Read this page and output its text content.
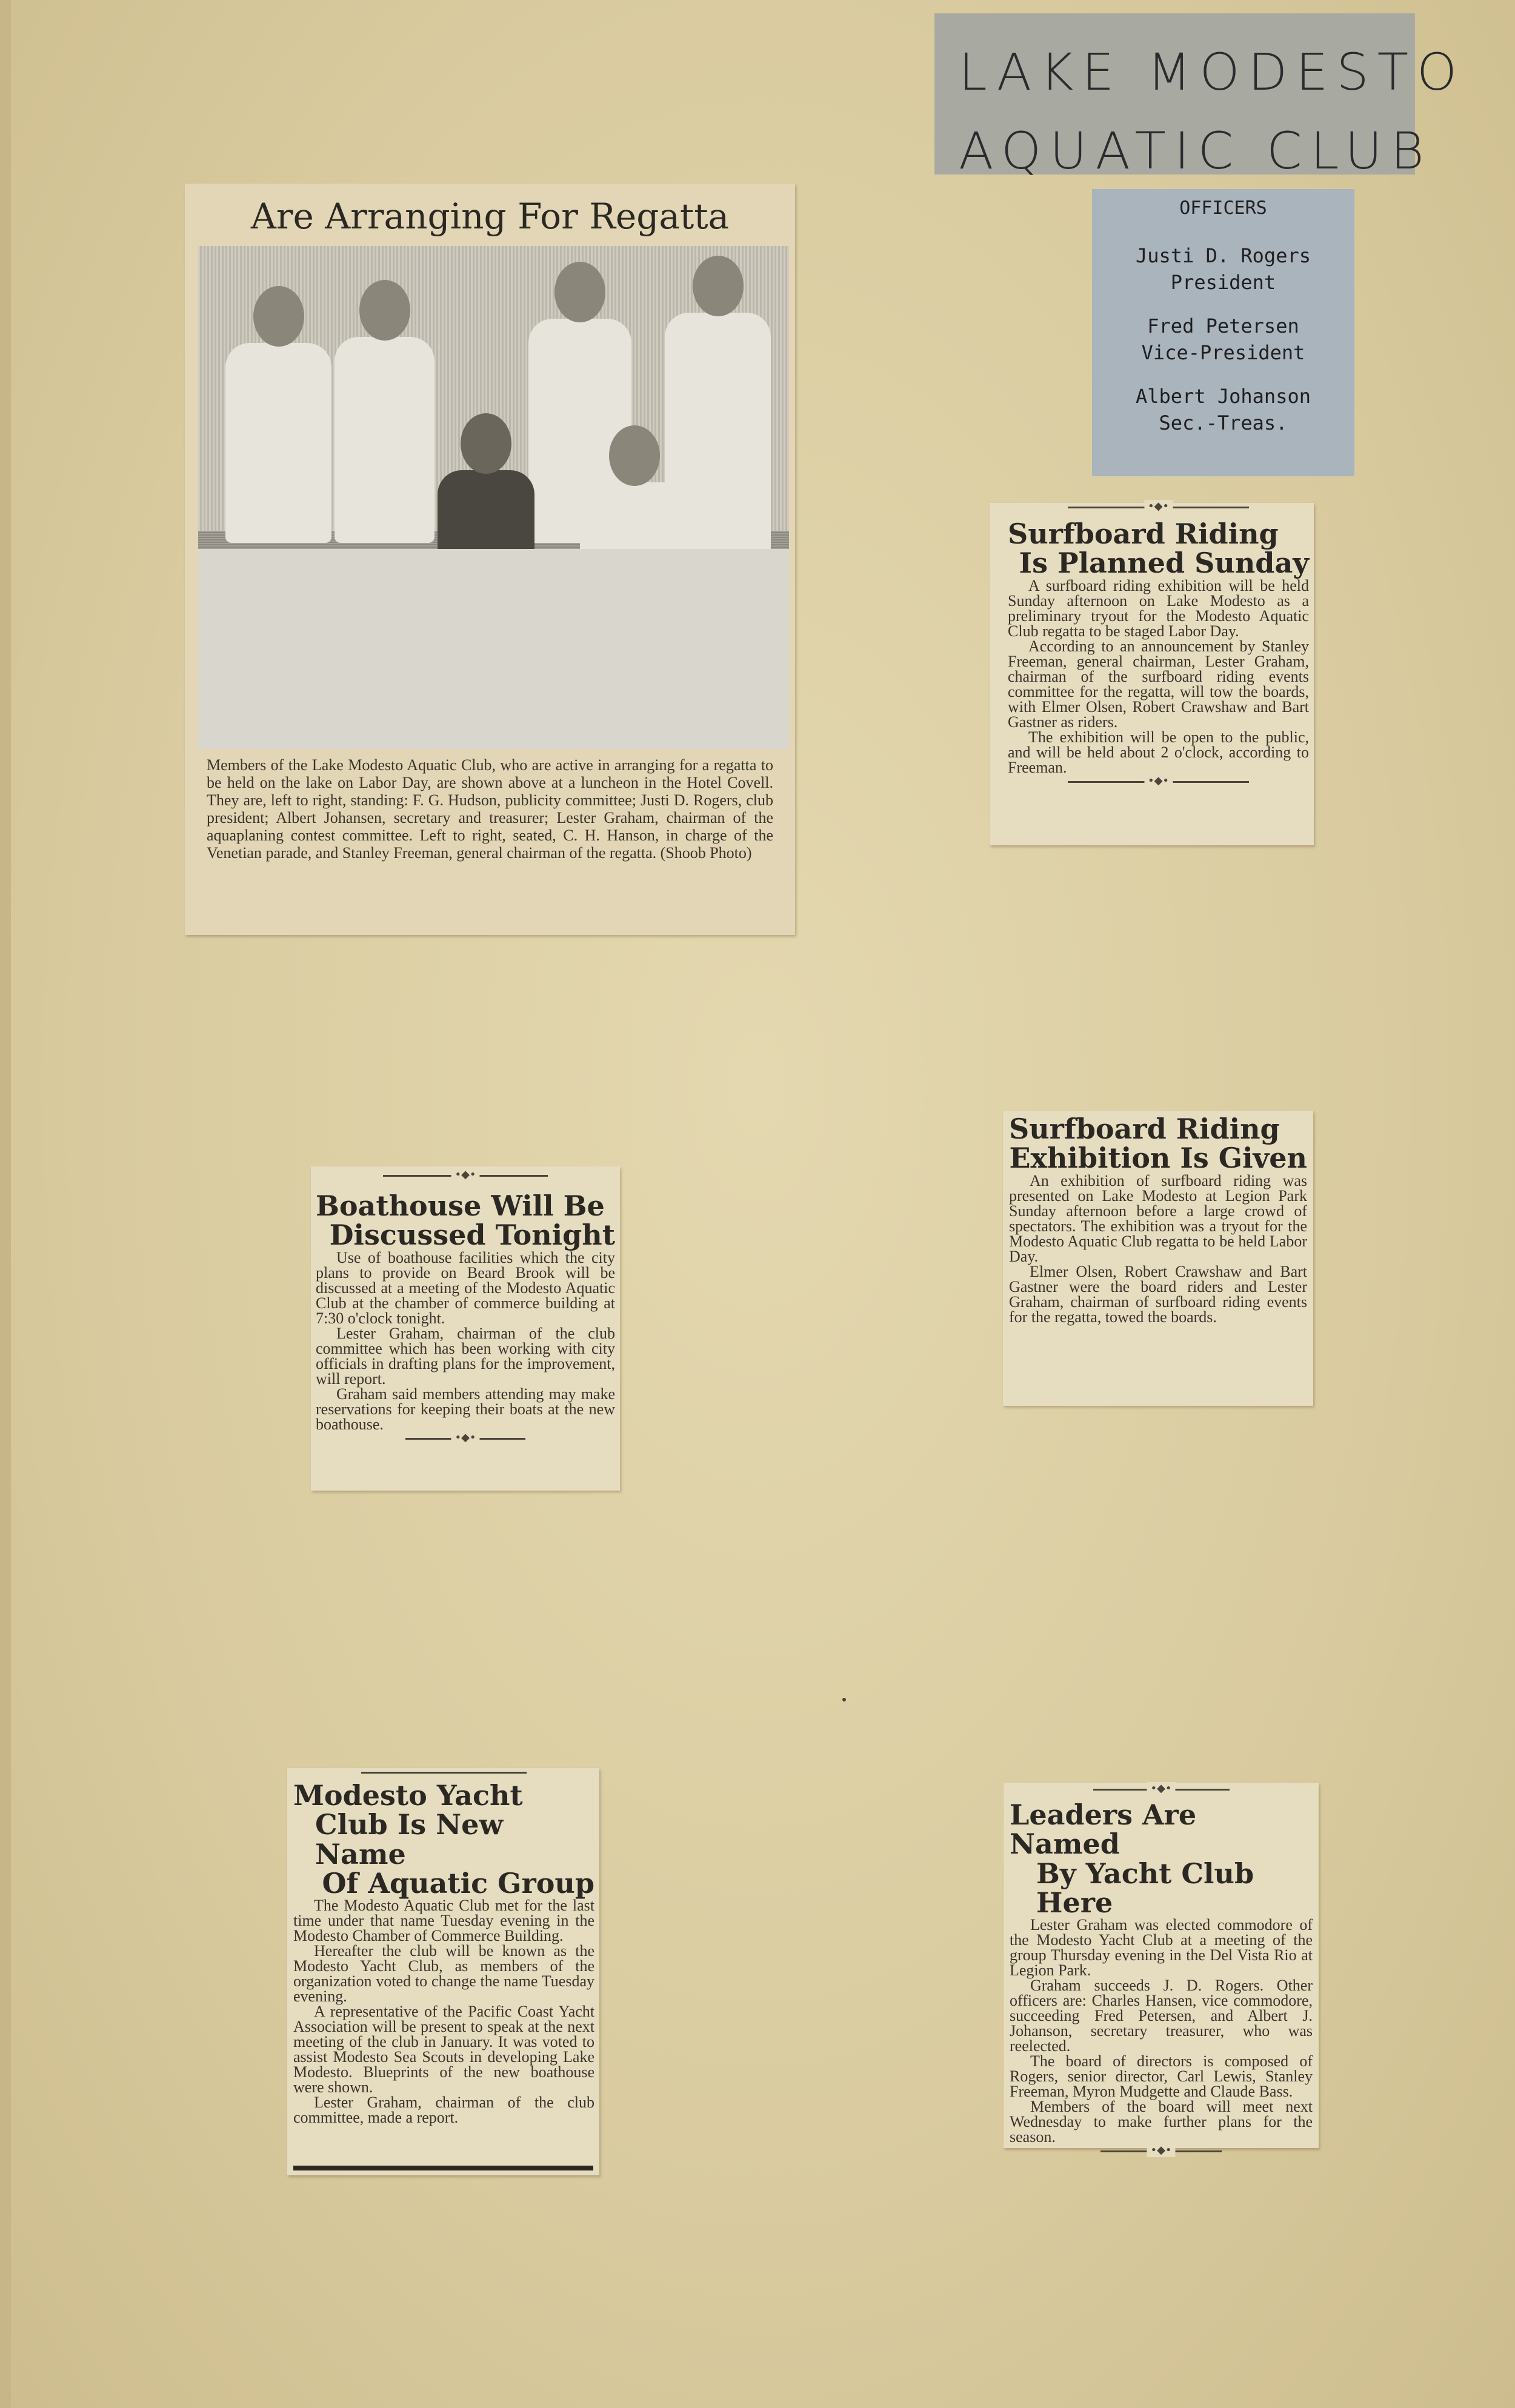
LAKE MODESTO
AQUATIC CLUB
OFFICERS
Justi D. Rogers
President
Fred Petersen
Vice-President
Albert Johanson
Sec.-Treas.
Are Arranging For Regatta
Members of the Lake Modesto Aquatic Club, who are active in arranging for a regatta to be held on the lake on Labor Day, are shown above at a luncheon in the Hotel Covell. They are, left to right, standing: F. G. Hudson, publicity committee; Justi D. Rogers, club president; Albert Johansen, secretary and treasurer; Lester Graham, chairman of the aquaplaning contest committee. Left to right, seated, C. H. Hanson, in charge of the Venetian parade, and Stanley Freeman, general chairman of the regatta. (Shoob Photo)
•◆•
Surfboard Riding
Is Planned Sunday

A surfboard riding exhibition will be held Sunday afternoon on Lake Modesto as a preliminary tryout for the Modesto Aquatic Club regatta to be staged Labor Day.

According to an announcement by Stanley Freeman, general chairman, Lester Graham, chairman of the surfboard riding events committee for the regatta, will tow the boards, with Elmer Olsen, Robert Crawshaw and Bart Gastner as riders.

The exhibition will be open to the public, and will be held about 2 o'clock, according to Freeman.

•◆•
•◆•
Boathouse Will Be
Discussed Tonight

Use of boathouse facilities which the city plans to provide on Beard Brook will be discussed at a meeting of the Modesto Aquatic Club at the chamber of commerce building at 7:30 o'clock tonight.

Lester Graham, chairman of the club committee which has been working with city officials in drafting plans for the improvement, will report.

Graham said members attending may make reservations for keeping their boats at the new boathouse.

•◆•
Surfboard Riding
Exhibition Is Given

An exhibition of surfboard riding was presented on Lake Modesto at Legion Park Sunday afternoon before a large crowd of spectators. The exhibition was a tryout for the Modesto Aquatic Club regatta to be held Labor Day.

Elmer Olsen, Robert Crawshaw and Bart Gastner were the board riders and Lester Graham, chairman of surfboard riding events for the regatta, towed the boards.

Modesto Yacht
Club Is New Name
Of Aquatic Group

The Modesto Aquatic Club met for the last time under that name Tuesday evening in the Modesto Chamber of Commerce Building.

Hereafter the club will be known as the Modesto Yacht Club, as members of the organization voted to change the name Tuesday evening.

A representative of the Pacific Coast Yacht Association will be present to speak at the next meeting of the club in January. It was voted to assist Modesto Sea Scouts in developing Lake Modesto. Blueprints of the new boathouse were shown.

Lester Graham, chairman of the club committee, made a report.

•◆•
Leaders Are Named
By Yacht Club Here

Lester Graham was elected commodore of the Modesto Yacht Club at a meeting of the group Thursday evening in the Del Vista Rio at Legion Park.

Graham succeeds J. D. Rogers. Other officers are: Charles Hansen, vice commodore, succeeding Fred Petersen, and Albert J. Johanson, secretary treasurer, who was reelected.

The board of directors is composed of Rogers, senior director, Carl Lewis, Stanley Freeman, Myron Mudgette and Claude Bass.

Members of the board will meet next Wednesday to make further plans for the season.

•◆•
